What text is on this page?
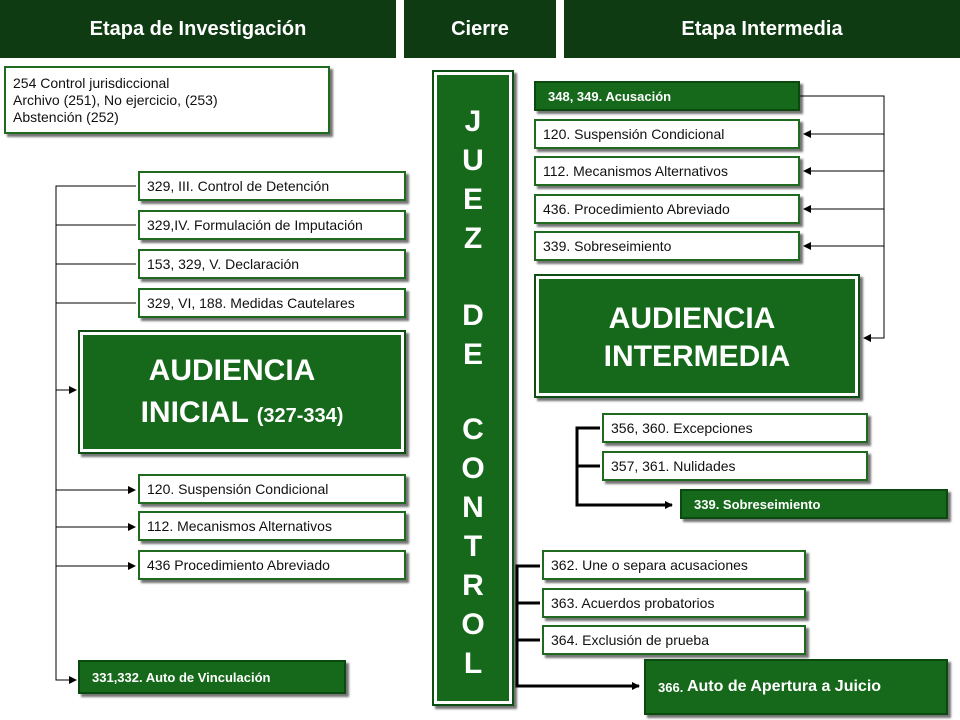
Etapa de Investigación	Cierre	Etapa Intermedia
254 Control jurisdiccional
Archivo (251), No ejercicio, (253)
Abstención (252)
329, III. Control de Detención
329,IV. Formulación de Imputación
153, 329, V. Declaración
329, VI, 188. Medidas Cautelares
AUDIENCIA
INICIAL (327-334)
120. Suspensión Condicional
112. Mecanismos Alternativos
436 Procedimiento Abreviado
331,332. Auto de Vinculación
J
U
E
Z
D
E
C
O
N
T
R
O
L
348, 349. Acusación
120. Suspensión Condicional
112. Mecanismos Alternativos
436. Procedimiento Abreviado
339. Sobreseimiento
AUDIENCIA
INTERMEDIA
356, 360. Excepciones
357, 361. Nulidades
339. Sobreseimiento
362. Une o separa acusaciones
363. Acuerdos probatorios
364. Exclusión de prueba
366.
Auto de Apertura a Juicio
